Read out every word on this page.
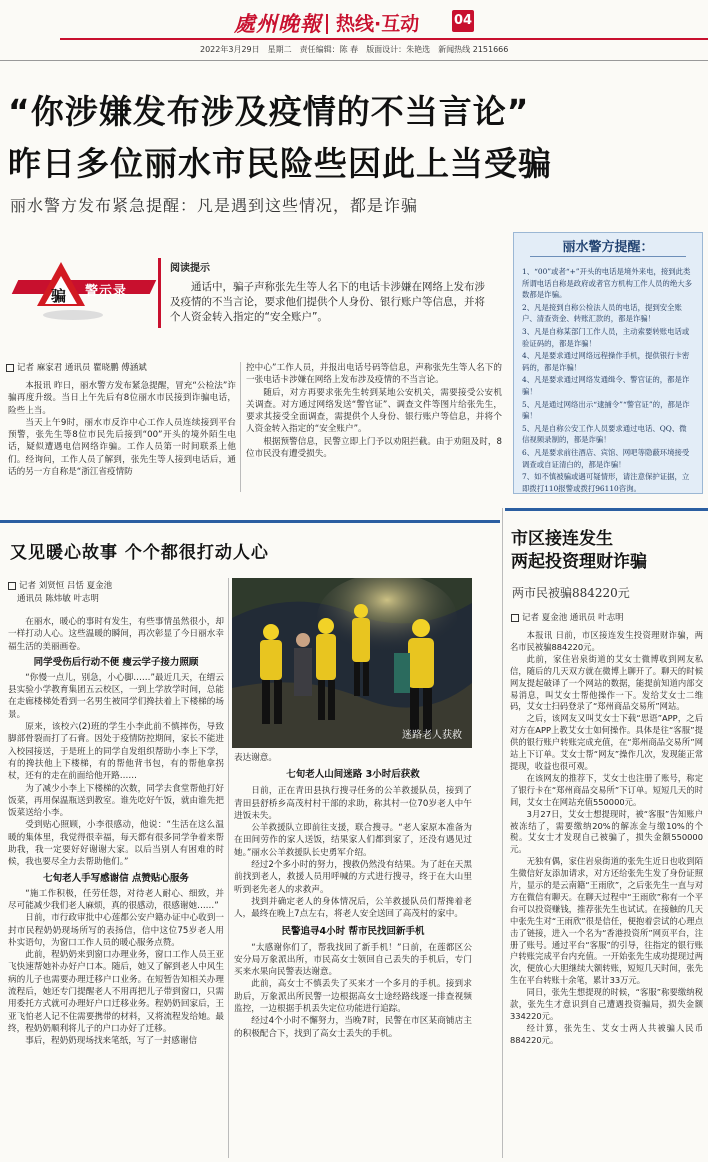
處州晚報 热线·互动	04
2022年3月29日 星期二 责任编辑：陈 春 版面设计：朱艳选 新闻热线 2151666
“你涉嫌发布涉及疫情的不当言论”
昨日多位丽水市民险些因此上当受骗
丽水警方发布紧急提醒：凡是遇到这些情况，都是诈骗
骗 警示录
阅读提示

通话中，骗子声称张先生等人名下的电话卡涉嫌在网络上发布涉及疫情的不当言论，要求他们提供个人身份、银行账户等信息，并将个人资金转入指定的“安全账户”。

记者 麻家君 通讯员 瞿晓鹏 傅涵斌

本报讯 昨日，丽水警方发布紧急提醒，冒充“公检法”诈骗再度升级。当日上午先后有8位丽水市民接到诈骗电话，险些上当。

当天上午9时，丽水市反诈中心工作人员连续接到平台预警，张先生等8位市民先后接到“00”开头的境外陌生电话，疑似遭遇电信网络诈骗。工作人员第一时间联系上他们。经询问，工作人员了解到，张先生等人接到电话后，通话的另一方自称是“浙江省疫情防

控中心”工作人员，并报出电话号码等信息，声称张先生等人名下的一张电话卡涉嫌在网络上发布涉及疫情的不当言论。

随后，对方再要求张先生转到某地公安机关，需要接受公安机关调查。对方通过网络发送“警官证”、调查文件等图片给张先生，要求其接受全面调查，需提供个人身份、银行账户等信息，并将个人资金转入指定的“安全账户”。

根据预警信息，民警立即上门予以劝阻拦截。由于劝阻及时，8位市民没有遭受损失。

丽水警方提醒：

1、“00”或者“+”开头的电话是境外来电，接到此类所谓电话自称是政府或者官方机构工作人员的绝大多数都是诈骗。

2、凡是接到自称公检法人员的电话，提到安全账户、清查资金、转账汇款的，都是诈骗！

3、凡是自称某部门工作人员，主动索要转账电话或验证码的，都是诈骗！

4、凡是要求通过网络远程操作手机，提供银行卡密码的，都是诈骗！

4、凡是要求通过网络发通缉令、警官证的，都是诈骗！

5、凡是通过网络出示“逮捕令”“警官证”的，都是诈骗！

5、凡是自称公安工作人员要求通过电话、QQ、微信视频录制的，都是诈骗！

6、凡是要求前往酒店、宾馆、网吧等隐蔽环境接受调查或自证清白的，都是诈骗！

7、如不慎被骗或遇可疑情形，请注意保护证据，立即拨打110报警或拨打96110咨询。

又见暖心故事 个个都很打动人心
记者 刘贤恒 吕恬 夏金池
通讯员 陈炜敏 叶志明

在丽水，暖心的事时有发生，有些事情虽然很小，却一样打动人心。这些温暖的瞬间，再次彰显了今日丽水幸福生活的美丽画卷。

同学受伤后行动不便 瘦云学子接力照顾

“你慢一点儿，别急，小心脚……”最近几天，在缙云县实验小学教育集团五云校区，一到上学放学时间，总能在走廊楼梯处看到一名男生被同学们搀扶着上下楼梯的场景。

原来，该校六(2)班的学生小李此前不慎摔伤，导致脚部骨裂而打了石膏。因处于疫情防控期间，家长不能进入校园接送，于是班上的同学自发组织帮助小李上下学，有的搀扶他上下楼梯，有的帮他背书包，有的帮他拿拐杖，还有的走在前面给他开路……

为了减少小李上下楼梯的次数，同学去食堂帮他打好饭菜，再用保温瓶送到教室。谁先吃好午饭，就由谁先把饭菜送给小李。

受到贴心照顾，小李很感动，他说：“生活在这么温暖的集体里，我觉得很幸福，每天都有很多同学争着来帮助我，我一定要好好谢谢大家。以后当别人有困难的时候，我也要尽全力去帮助他们。”

七旬老人手写感谢信 点赞贴心服务

“施工作积极，任劳任怨，对待老人耐心、细致，并尽可能减少我们老人麻烦，真的很感动，很感谢她……”

日前，市行政审批中心莲都公安户籍办证中心收到一封市民程奶奶现场所写的表扬信，信中这位75岁老人用朴实语句，为窗口工作人员的暖心服务点赞。

此前，程奶奶来到窗口办理业务，窗口工作人员王亚飞快速帮她补办好户口本。随后，她又了解到老人中风生病的儿子也需要办理迁移户口业务。在短暂告知相关办理流程后，她还专门提醒老人不用再把儿子带到窗口，只需用委托方式就可办理好户口迁移业务。程奶奶回家后，王亚飞怕老人记不住需要携带的材料，又将流程发给她。最终，程奶奶顺利将儿子的户口办好了迁移。

事后，程奶奶现场找来笔纸，写了一封感谢信

迷路老人获救

表达谢意。

七旬老人山间迷路 3小时后获救

日前，正在青田县执行搜寻任务的公羊救援队员，接到了青田县舒桥乡高茂村村干部的求助，称其村一位70岁老人中午进饭未失。

公羊救援队立即前往支援，联合搜寻。“老人家原本准备为在田间劳作的家人送饭，结果家人们都到家了，还没有遇见过她。”丽水公羊救援队长史勇军介绍。

经过2个多小时的努力，搜救仍然没有结果。为了赶在天黑前找到老人，救援人员用呼喊的方式进行搜寻，终于在大山里听到老先老人的求救声。

找到并确定老人的身体情况后，公羊救援队员们帮搀着老人，最终在晚上7点左右，将老人安全送回了高茂村的家中。

民警追寻4小时 帮市民找回新手机

“太感谢你们了，帮我找回了新手机！”日前，在莲都区公安分局万象派出所，市民高女士领回自己丢失的手机后，专门买来水果向民警表达谢意。

此前，高女士不慎丢失了买来才一个多月的手机。接到求助后，万象派出所民警一边根据高女士途经路线逐一排查视频监控，一边根据手机丢失定位功能进行追踪。

经过4个小时不懈努力，当晚7时，民警在市区某商铺店主的积极配合下，找到了高女士丢失的手机。

市区接连发生
两起投资理财诈骗
两市民被骗884220元
记者 夏金池 通讯员 叶志明

本报讯 日前，市区接连发生投资理财诈骗，两名市民被骗884220元。

此前，家住岩泉街道的艾女士微博收到网友私信，随后的几天双方就在微博上聊开了。聊天的时候网友提起破译了一个网站的数据，能提前知道内部交易消息，叫艾女士帮他操作一下。发给艾女士二维码，艾女士扫码登录了“郑州商品交易所”网站。

之后，该网友又叫艾女士下载“思语”APP，之后对方在APP上教艾女士如何操作。具体是往“客服”提供的银行账户转账完成充值，在“郑州商品交易所”网站上下订单。艾女士帮“网友”操作几次，发现能正常提现，收益也很可观。

在该网友的推荐下，艾女士也注册了账号，称定了银行卡在“郑州商品交易所”下订单。短短几天的时间，艾女士在网站充值550000元。

3月27日，艾女士想提现时，被“客服”告知账户被冻结了，需要缴纳20%的解冻金与缴10%的个税。艾女士才发现自己被骗了，损失金额550000元。

无独有偶，家住岩泉街道的张先生近日也收到陌生微信好友添加请求，对方还给张先生发了身份证照片，显示的是云南籍“王雨欣”，之后张先生一直与对方在微信有聊天。在聊天过程中“王雨欣”称有一个平台可以投资赚钱，推荐张先生也试试。在接触的几天中张先生对“王雨欣”很是信任，便抱着尝试的心理点击了链接，进入一个名为“香港投资所”网页平台，注册了账号。通过平台“客服”的引导，往指定的银行账户转账完成平台内充值。一开始张先生成功提现过两次，便放心大胆继续大额转账，短短几天时间，张先生在平台转账十余笔，累计33万元。

同日，张先生想提现的时候，“客服”称要缴纳税款，张先生才意识到自己遭遇投资骗局，损失金额334220元。

经计算，张先生、艾女士两人共被骗人民币884220元。
